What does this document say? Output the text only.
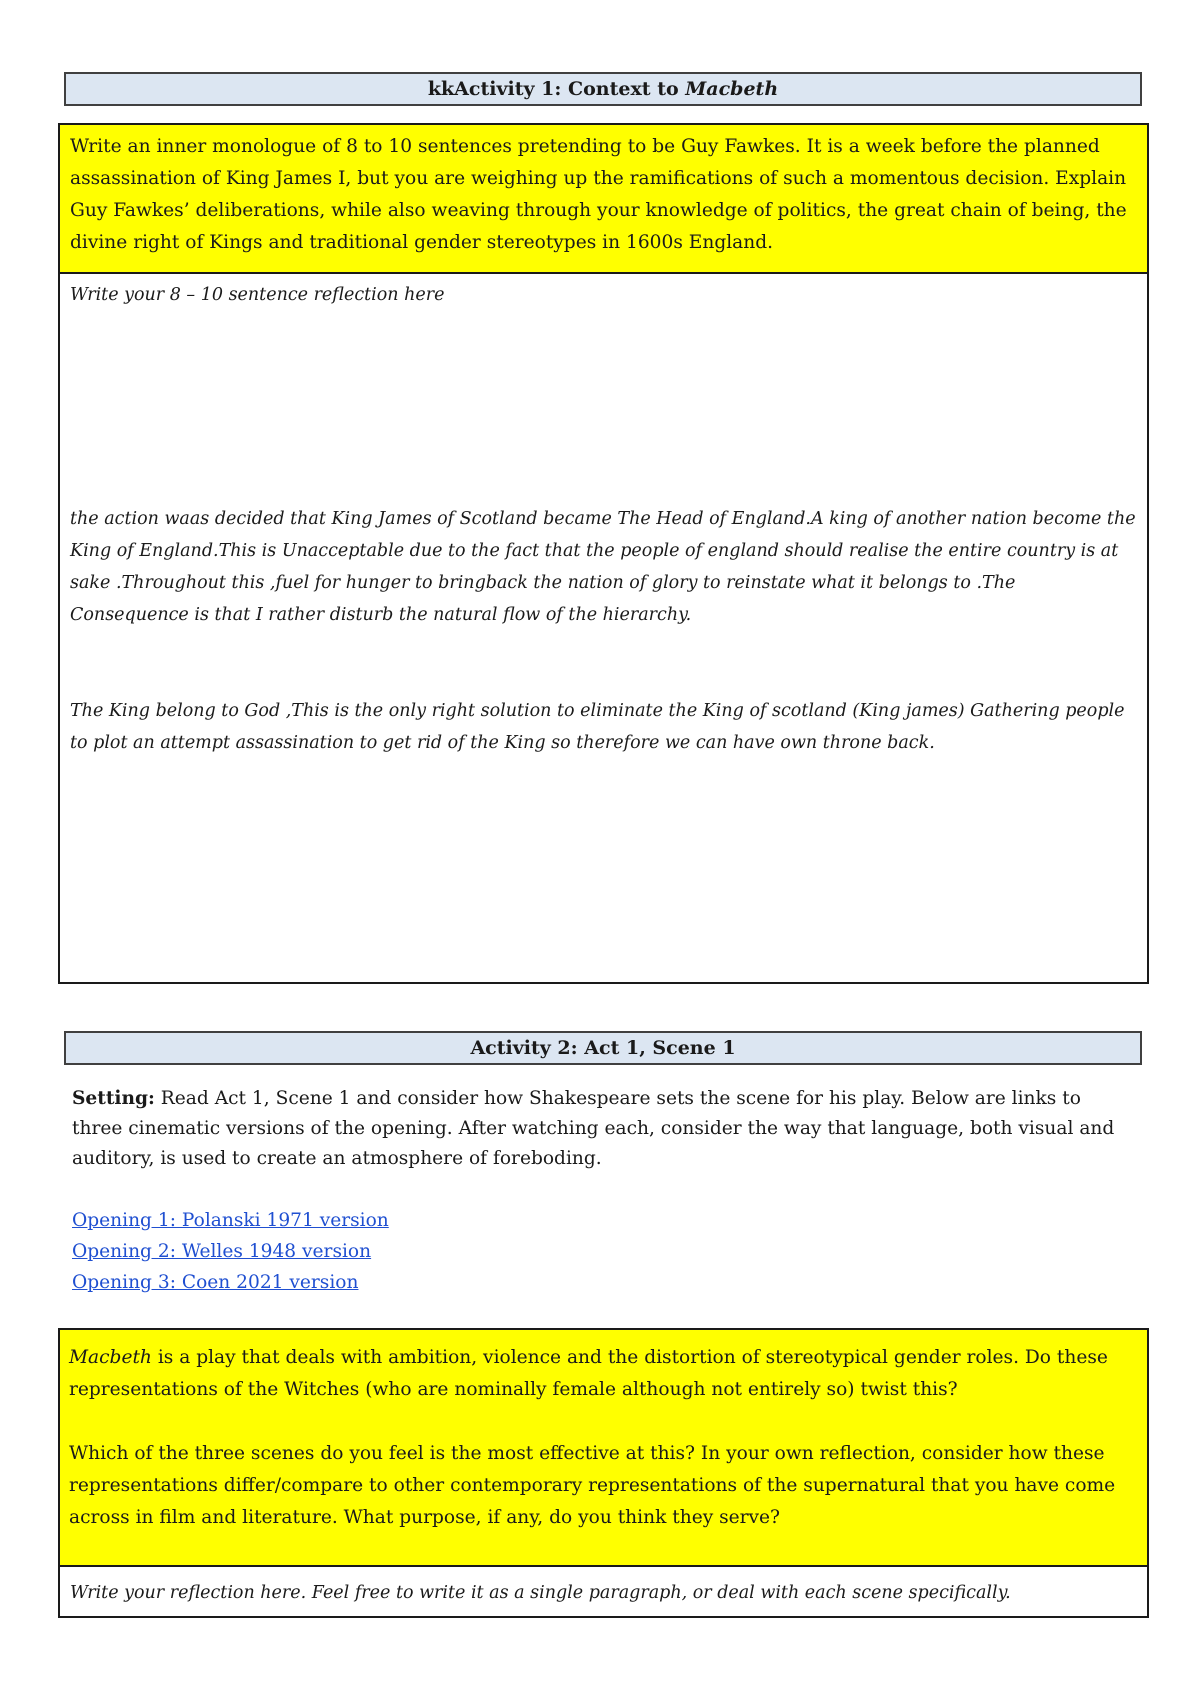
kkActivity 1: Context to Macbeth

Write an inner monologue of 8 to 10 sentences pretending to be Guy Fawkes. It is a week before the planned assassination of King James I, but you are weighing up the ramifications of such a momentous decision. Explain Guy Fawkes’ deliberations, while also weaving through your knowledge of politics, the great chain of being, the divine right of Kings and traditional gender stereotypes in 1600s England.

Write your 8 – 10 sentence reflection here

the action waas decided that King James of Scotland became The Head of England.A king of another nation become the King of England.This is Unacceptable due to the fact that the people of england should realise the entire country is at sake .Throughout this ,fuel for hunger to bringback the nation of glory to reinstate what it belongs to .The Consequence is that I rather disturb the natural flow of the hierarchy.

The King belong to God ,This is the only right solution to eliminate the King of scotland (King james) Gathering people to plot an attempt assassination to get rid of the King so therefore we can have own throne back.

Activity 2: Act 1, Scene 1

Setting: Read Act 1, Scene 1 and consider how Shakespeare sets the scene for his play. Below are links to three cinematic versions of the opening. After watching each, consider the way that language, both visual and auditory, is used to create an atmosphere of foreboding.

Opening 1: Polanski 1971 version
Opening 2: Welles 1948 version
Opening 3: Coen 2021 version

Macbeth is a play that deals with ambition, violence and the distortion of stereotypical gender roles. Do these representations of the Witches (who are nominally female although not entirely so) twist this?

Which of the three scenes do you feel is the most effective at this? In your own reflection, consider how these representations differ/compare to other contemporary representations of the supernatural that you have come across in film and literature. What purpose, if any, do you think they serve?

Write your reflection here. Feel free to write it as a single paragraph, or deal with each scene specifically.
